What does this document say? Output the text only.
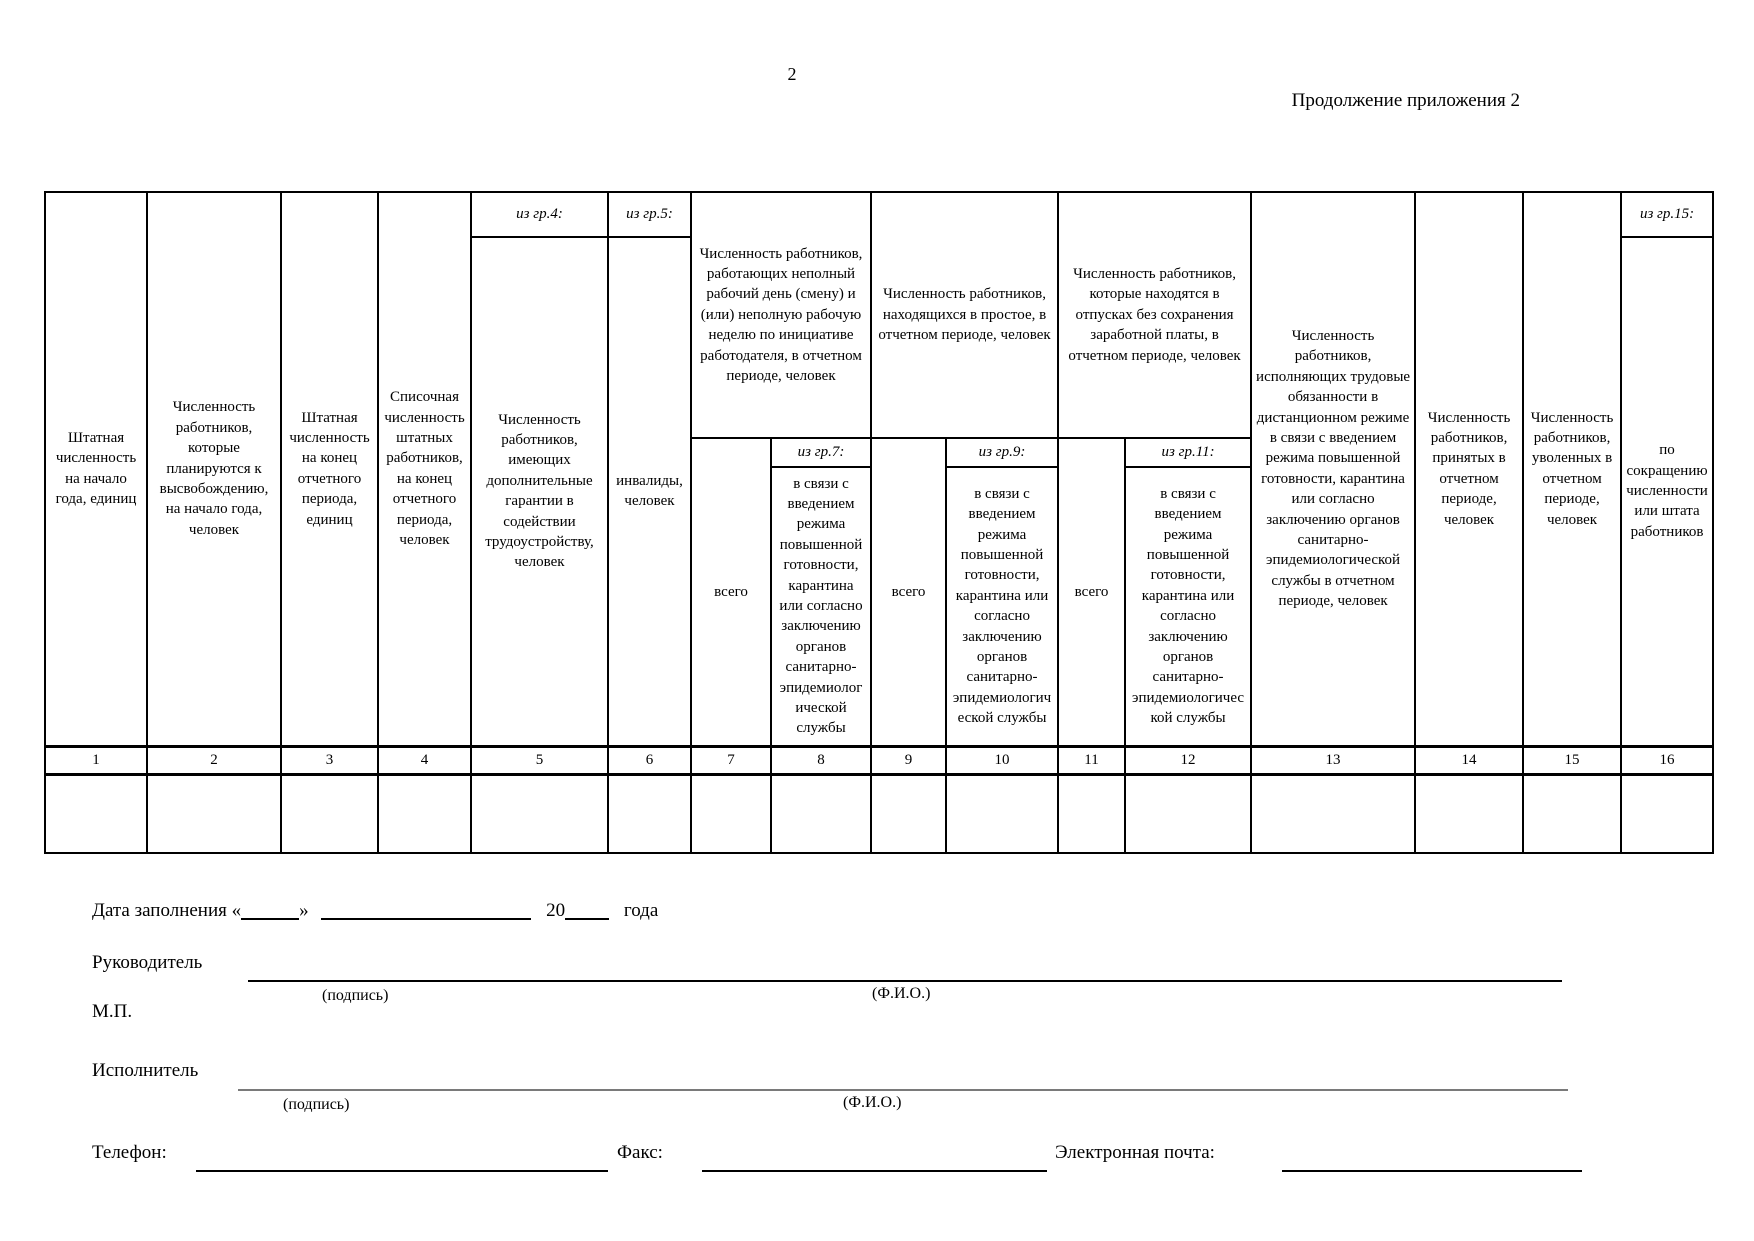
2
Продолжение приложения 2
Штатная численность на начало года, единиц	Численность работников, которые планируются к высвобождению, на начало года, человек	Штатная численность на конец отчетного периода, единиц	Списочная численность штатных работников, на конец отчетного периода, человек	из гр.4:	из гр.5:	Численность работников, работающих неполный рабочий день (смену) и (или) неполную рабочую неделю по инициативе работодателя, в отчетном периоде, человек		Численность работников, находящихся в простое, в отчетном периоде, человек		Численность работников, которые находятся в отпусках без сохранения заработной платы, в отчетном периоде, человек		Численность работников, исполняющих трудовые обязанности в дистанционном режиме в связи с введением режима повышенной готовности, карантина или согласно заключению органов санитарно-эпидемиологической службы в отчетном периоде, человек	Численность работников, принятых в отчетном периоде, человек	Численность работников, уволенных в отчетном периоде, человек	из гр.15:
				Численность работников, имеющих дополнительные гарантии в содействии трудоустройству, человек	инвалиды, человек										по сокращению численности или штата работников
						всего	из гр.7:	всего	из гр.9:	всего	из гр.11:				
							в связи с введением режима повышенной готовности, карантина или согласно заключению органов санитарно-эпидемиологической службы		в связи с введением режима повышенной готовности, карантина или согласно заключению органов санитарно-эпидемиологической службы		в связи с введением режима повышенной готовности, карантина или согласно заключению органов санитарно-эпидемиологической службы				
1	2	3	4	5	6	7	8	9	10	11	12	13	14	15	16

Дата заполнения «	»	20	года
Руководитель
(подпись)	(Ф.И.О.)
М.П.
Исполнитель
(подпись)	(Ф.И.О.)
Телефон:	Факс:	Электронная почта:
